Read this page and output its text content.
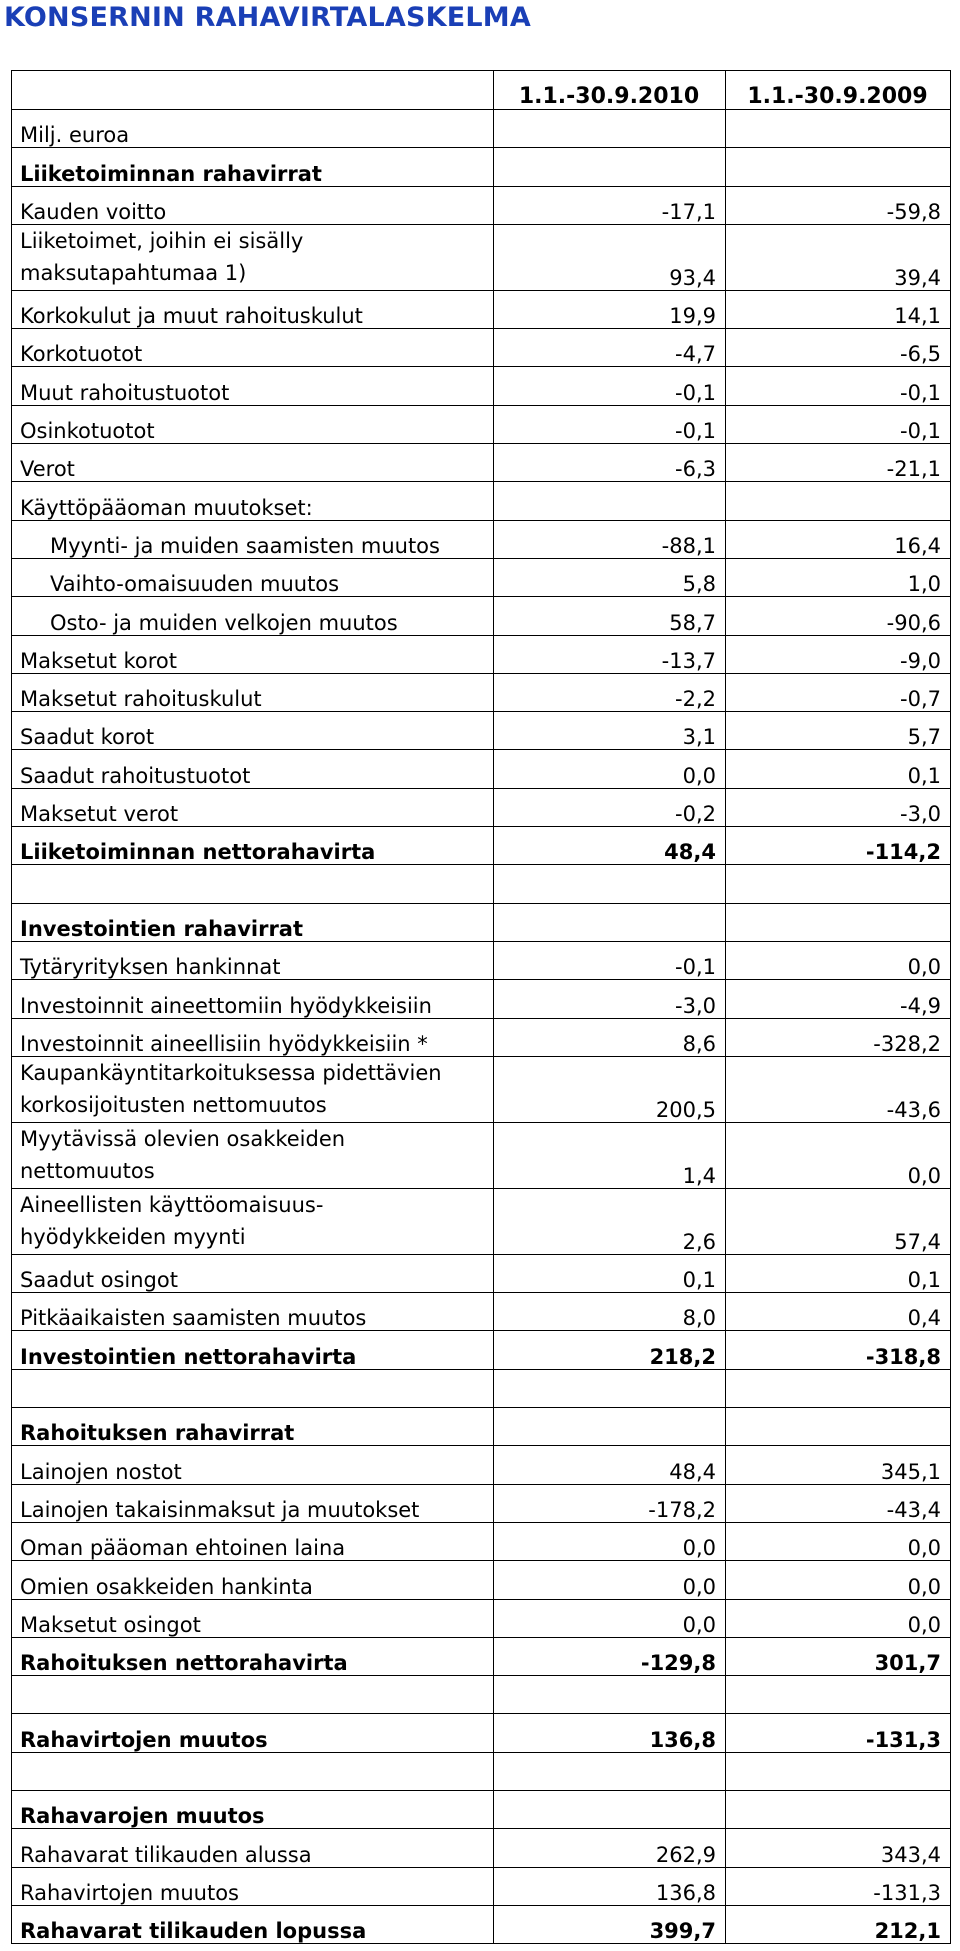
KONSERNIN RAHAVIRTALASKELMA
	1.1.-30.9.2010	1.1.-30.9.2009
Milj. euroa		
Liiketoiminnan rahavirrat		
Kauden voitto	-17,1	-59,8
Liiketoimet, joihin ei sisälly
maksutapahtumaa 1)	93,4	39,4
Korkokulut ja muut rahoituskulut	19,9	14,1
Korkotuotot	-4,7	-6,5
Muut rahoitustuotot	-0,1	-0,1
Osinkotuotot	-0,1	-0,1
Verot	-6,3	-21,1
Käyttöpääoman muutokset:		
Myynti- ja muiden saamisten muutos	-88,1	16,4
Vaihto-omaisuuden muutos	5,8	1,0
Osto- ja muiden velkojen muutos	58,7	-90,6
Maksetut korot	-13,7	-9,0
Maksetut rahoituskulut	-2,2	-0,7
Saadut korot	3,1	5,7
Saadut rahoitustuotot	0,0	0,1
Maksetut verot	-0,2	-3,0
Liiketoiminnan nettorahavirta	48,4	-114,2

Investointien rahavirrat		
Tytäryrityksen hankinnat	-0,1	0,0
Investoinnit aineettomiin hyödykkeisiin	-3,0	-4,9
Investoinnit aineellisiin hyödykkeisiin *	8,6	-328,2
Kaupankäyntitarkoituksessa pidettävien
korkosijoitusten nettomuutos	200,5	-43,6
Myytävissä olevien osakkeiden
nettomuutos	1,4	0,0
Aineellisten käyttöomaisuus-
hyödykkeiden myynti	2,6	57,4
Saadut osingot	0,1	0,1
Pitkäaikaisten saamisten muutos	8,0	0,4
Investointien nettorahavirta	218,2	-318,8

Rahoituksen rahavirrat		
Lainojen nostot	48,4	345,1
Lainojen takaisinmaksut ja muutokset	-178,2	-43,4
Oman pääoman ehtoinen laina	0,0	0,0
Omien osakkeiden hankinta	0,0	0,0
Maksetut osingot	0,0	0,0
Rahoituksen nettorahavirta	-129,8	301,7

Rahavirtojen muutos	136,8	-131,3

Rahavarojen muutos		
Rahavarat tilikauden alussa	262,9	343,4
Rahavirtojen muutos	136,8	-131,3
Rahavarat tilikauden lopussa	399,7	212,1
